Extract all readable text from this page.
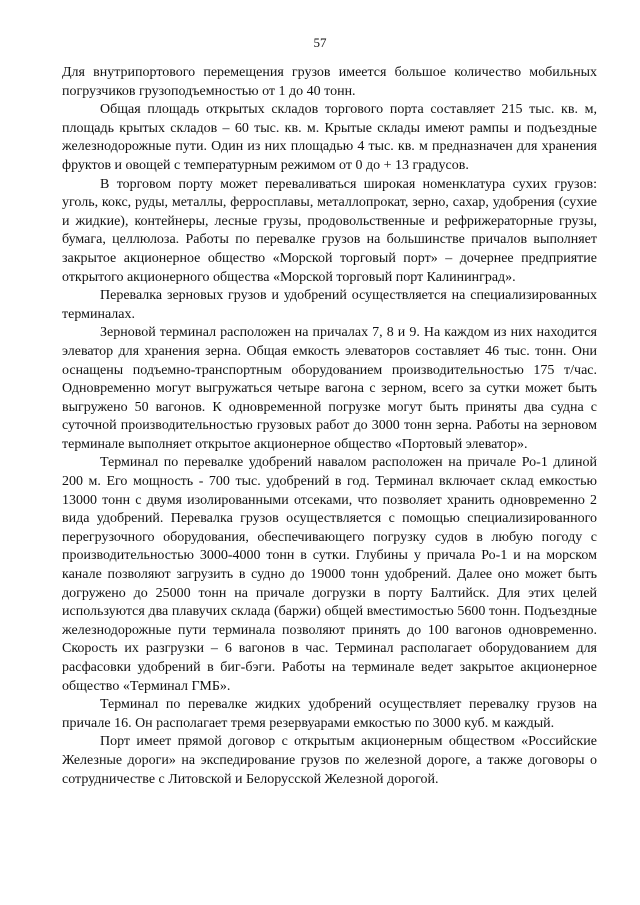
57

Для внутрипортового перемещения грузов имеется большое количество мобильных погрузчиков грузоподъемностью от 1 до 40 тонн.

Общая площадь открытых складов торгового порта составляет 215 тыс. кв. м, площадь крытых складов – 60 тыс. кв. м. Крытые склады имеют рампы и подъездные железнодорожные пути. Один из них площадью 4 тыс. кв. м предназначен для хранения фруктов и овощей с температурным режимом от 0 до + 13 градусов.

В торговом порту может переваливаться широкая номенклатура сухих грузов: уголь, кокс, руды, металлы, ферросплавы, металлопрокат, зерно, сахар, удобрения (сухие и жидкие), контейнеры, лесные грузы, продовольственные и рефрижераторные грузы, бумага, целлюлоза. Работы по перевалке грузов на большинстве причалов выполняет закрытое акционерное общество «Морской торговый порт» – дочернее предприятие открытого акционерного общества «Морской торговый порт Калининград».

Перевалка зерновых грузов и удобрений осуществляется на специализированных терминалах.

Зерновой терминал расположен на причалах 7, 8 и 9. На каждом из них находится элеватор для хранения зерна. Общая емкость элеваторов составляет 46 тыс. тонн. Они оснащены подъемно-транспортным оборудованием производительностью 175 т/час. Одновременно могут выгружаться четыре вагона с зерном, всего за сутки может быть выгружено 50 вагонов. К одновременной погрузке могут быть приняты два судна с суточной производительностью грузовых работ до 3000 тонн зерна. Работы на зерновом терминале выполняет открытое акционерное общество «Портовый элеватор».

Терминал по перевалке удобрений навалом расположен на причале Ро-1 длиной 200 м. Его мощность - 700 тыс. удобрений в год. Терминал включает склад емкостью 13000 тонн с двумя изолированными отсеками, что позволяет хранить одновременно 2 вида удобрений. Перевалка грузов осуществляется с помощью специализированного перегрузочного оборудования, обеспечивающего погрузку судов в любую погоду с производительностью 3000-4000 тонн в сутки. Глубины у причала Ро-1 и на морском канале позволяют загрузить в судно до 19000 тонн удобрений. Далее оно может быть догружено до 25000 тонн на причале догрузки в порту Балтийск. Для этих целей используются два плавучих склада (баржи) общей вместимостью 5600 тонн. Подъездные железнодорожные пути терминала позволяют принять до 100 вагонов одновременно. Скорость их разгрузки – 6 вагонов в час. Терминал располагает оборудованием для расфасовки удобрений в биг-бэги. Работы на терминале ведет закрытое акционерное общество «Терминал ГМБ».

Терминал по перевалке жидких удобрений осуществляет перевалку грузов на причале 16. Он располагает тремя резервуарами емкостью по 3000 куб. м каждый.

Порт имеет прямой договор с открытым акционерным обществом «Российские Железные дороги» на экспедирование грузов по железной дороге, а также договоры о сотрудничестве с Литовской и Белорусской Железной дорогой.
